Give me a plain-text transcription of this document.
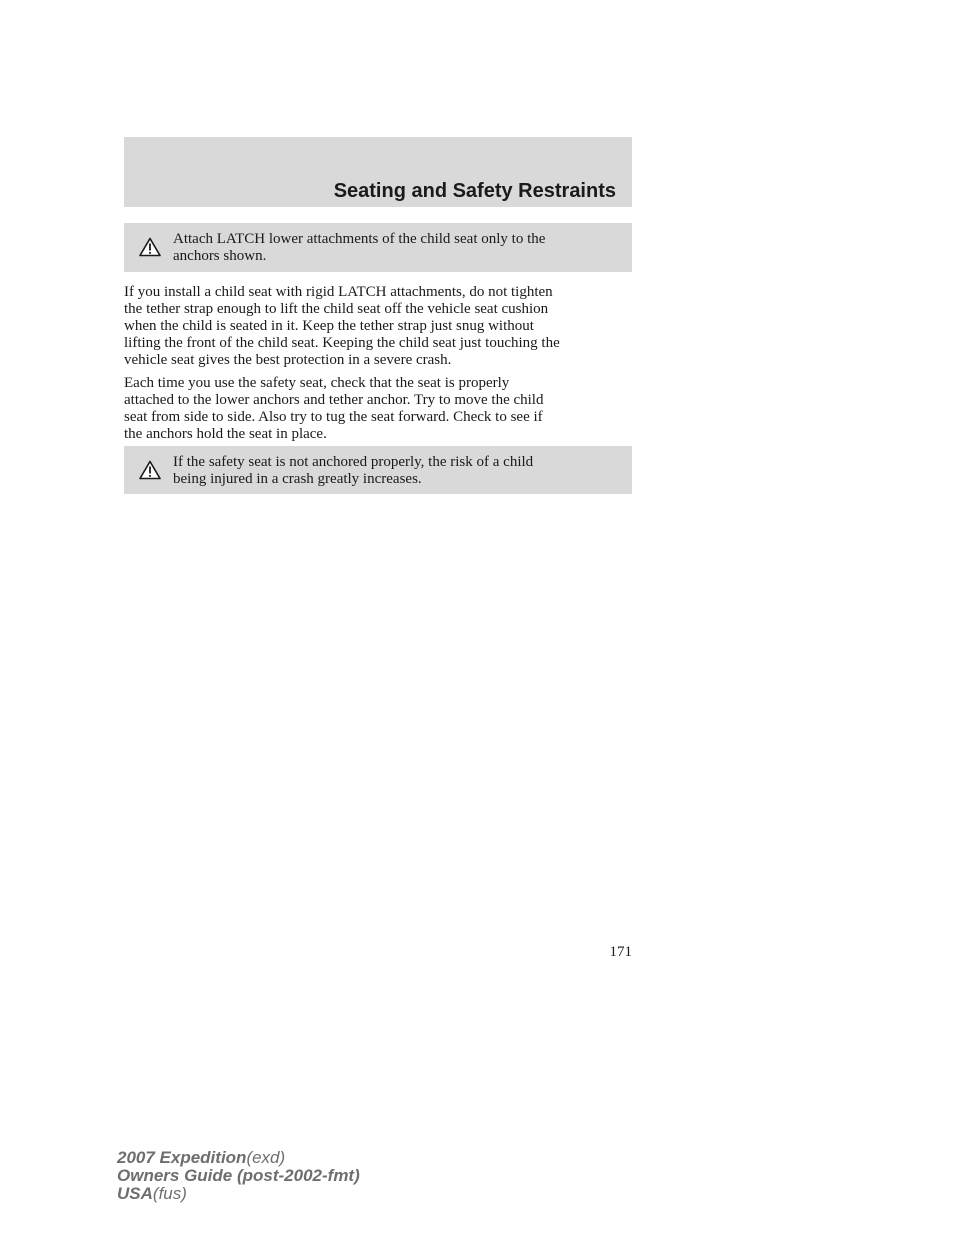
Seating and Safety Restraints
Attach LATCH lower attachments of the child seat only to the
anchors shown.
If you install a child seat with rigid LATCH attachments, do not tighten
the tether strap enough to lift the child seat off the vehicle seat cushion
when the child is seated in it. Keep the tether strap just snug without
lifting the front of the child seat. Keeping the child seat just touching the
vehicle seat gives the best protection in a severe crash.
Each time you use the safety seat, check that the seat is properly
attached to the lower anchors and tether anchor. Try to move the child
seat from side to side. Also try to tug the seat forward. Check to see if
the anchors hold the seat in place.
If the safety seat is not anchored properly, the risk of a child
being injured in a crash greatly increases.
171
2007 Expedition(exd)
Owners Guide (post-2002-fmt)
USA(fus)
